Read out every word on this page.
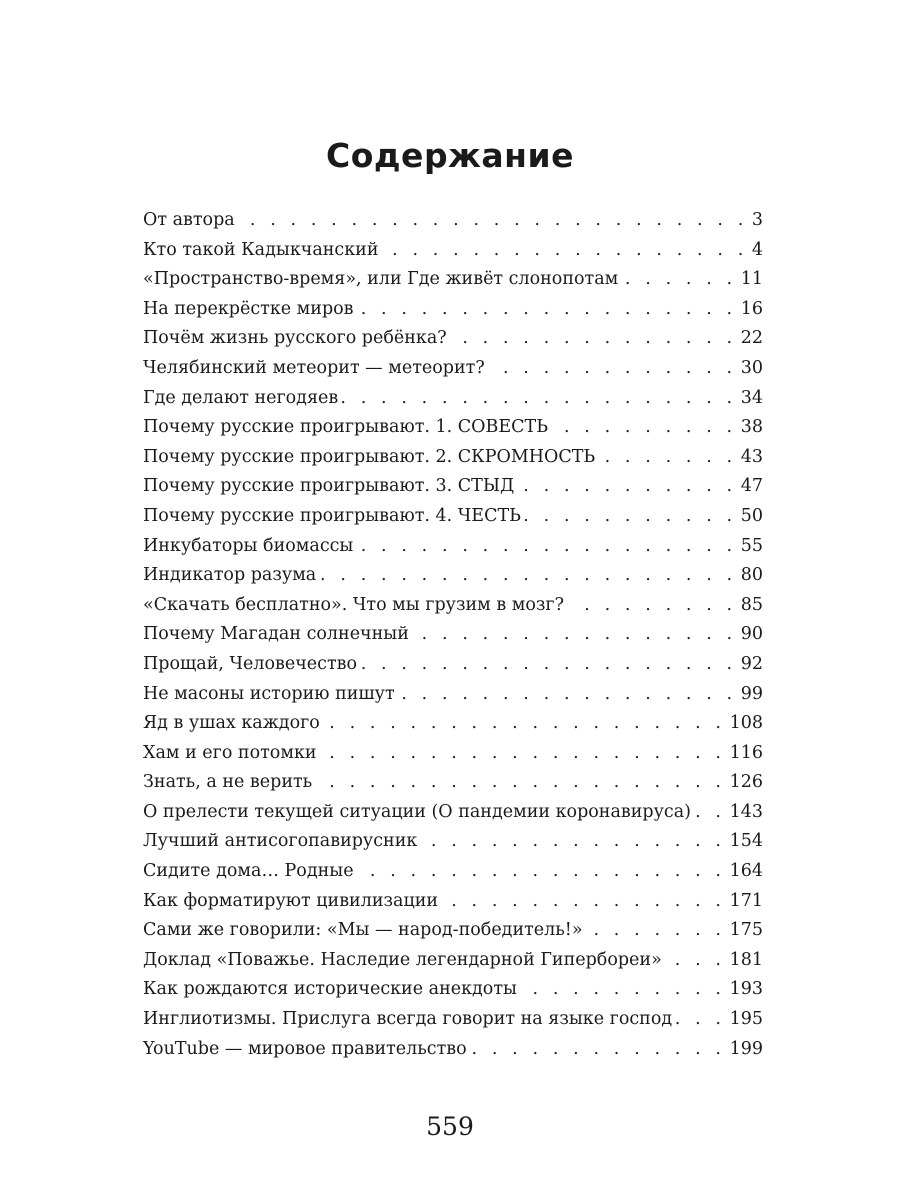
Содержание
От автора . . .	3
Кто такой Кадыкчанский . . .	4
«Пространство-время», или Где живёт слонопотам . . .	11
На перекрёстке миров . . .	16
Почём жизнь русского ребёнка? . . .	22
Челябинский метеорит — метеорит? . . .	30
Где делают негодяев . . .	34
Почему русские проигрывают. 1. СОВЕСТЬ . . .	38
Почему русские проигрывают. 2. СКРОМНОСТЬ . . .	43
Почему русские проигрывают. 3. СТЫД . . .	47
Почему русские проигрывают. 4. ЧЕСТЬ . . .	50
Инкубаторы биомассы . . .	55
Индикатор разума . . .	80
«Скачать бесплатно». Что мы грузим в мозг? . . .	85
Почему Магадан солнечный . . .	90
Прощай, Человечество . . .	92
Не масоны историю пишут . . .	99
Яд в ушах каждого . . .	108
Хам и его потомки . . .	116
Знать, а не верить . . .	126
О прелести текущей ситуации (О пандемии коронавируса) . . . 143
Лучший антисогопавирусник . . .	154
Сидите дома… Родные . . .	164
Как форматируют цивилизации . . .	171
Сами же говорили: «Мы — народ-победитель!» . . .	175
Доклад «Поважье. Наследие легендарной Гипербореи» . . .	181
Как рождаются исторические анекдоты . . .	193
Инглиотизмы. Прислуга всегда говорит на языке господ . . .	195
YouTube — мировое правительство . . .	199
559
